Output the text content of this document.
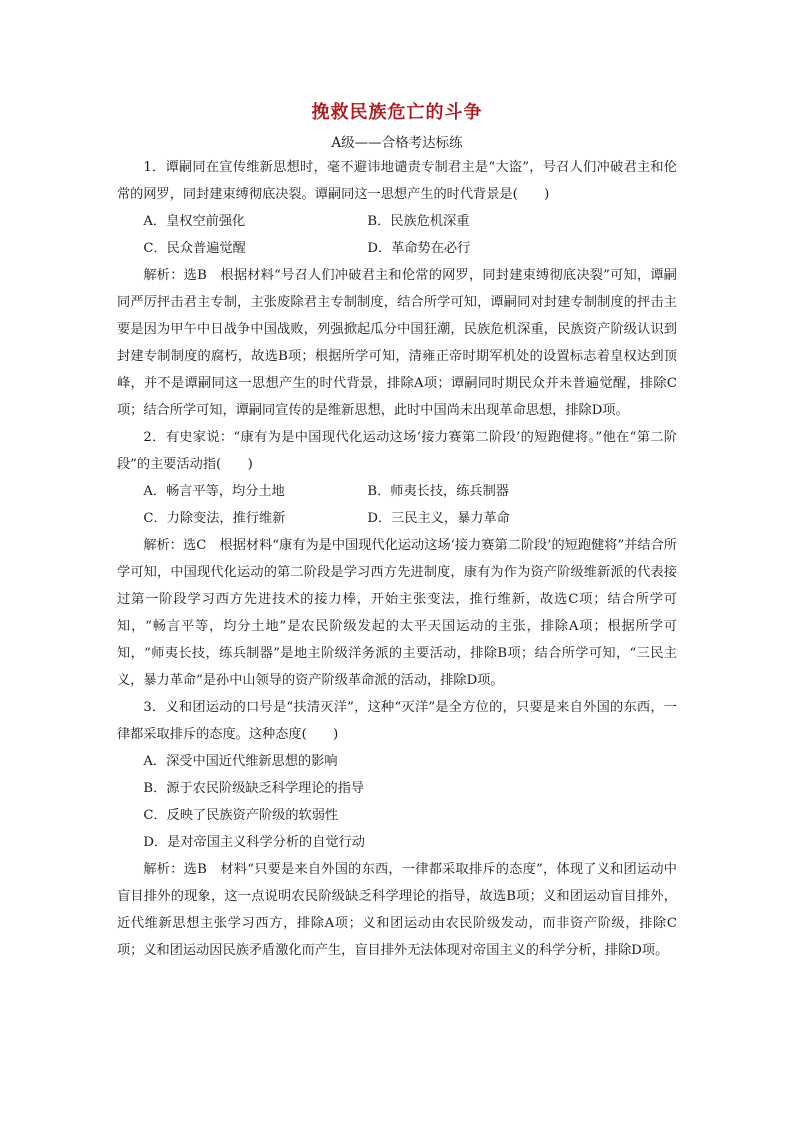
挽救民族危亡的斗争
A级——合格考达标练

1．谭嗣同在宣传维新思想时，毫不避讳地谴责专制君主是“大盗”，号召人们冲破君主和伦常的网罗，同封建束缚彻底决裂。谭嗣同这一思想产生的时代背景是(　　)

A．皇权空前强化	B．民族危机深重
C．民众普遍觉醒	D．革命势在必行

解析：选B　根据材料“号召人们冲破君主和伦常的网罗，同封建束缚彻底决裂”可知，谭嗣同严厉抨击君主专制，主张废除君主专制制度，结合所学可知，谭嗣同对封建专制制度的抨击主要是因为甲午中日战争中国战败，列强掀起瓜分中国狂潮，民族危机深重，民族资产阶级认识到封建专制制度的腐朽，故选B项；根据所学可知，清雍正帝时期军机处的设置标志着皇权达到顶峰，并不是谭嗣同这一思想产生的时代背景，排除A项；谭嗣同时期民众并未普遍觉醒，排除C项；结合所学可知，谭嗣同宣传的是维新思想，此时中国尚未出现革命思想，排除D项。

2．有史家说：“康有为是中国现代化运动这场‘接力赛第二阶段’的短跑健将。”他在“第二阶段”的主要活动指(　　)

A．畅言平等，均分土地	B．师夷长技，练兵制器
C．力除变法，推行维新	D．三民主义，暴力革命

解析：选C　根据材料“康有为是中国现代化运动这场‘接力赛第二阶段’的短跑健将”并结合所学可知，中国现代化运动的第二阶段是学习西方先进制度，康有为作为资产阶级维新派的代表接过第一阶段学习西方先进技术的接力棒，开始主张变法，推行维新，故选C项；结合所学可知，“畅言平等，均分土地”是农民阶级发起的太平天国运动的主张，排除A项；根据所学可知，“师夷长技，练兵制器”是地主阶级洋务派的主要活动，排除B项；结合所学可知，“三民主义，暴力革命”是孙中山领导的资产阶级革命派的活动，排除D项。

3．义和团运动的口号是“扶清灭洋”，这种“灭洋”是全方位的，只要是来自外国的东西，一律都采取排斥的态度。这种态度(　　)

A．深受中国近代维新思想的影响
B．源于农民阶级缺乏科学理论的指导
C．反映了民族资产阶级的软弱性
D．是对帝国主义科学分析的自觉行动

解析：选B　材料“只要是来自外国的东西，一律都采取排斥的态度”，体现了义和团运动中盲目排外的现象，这一点说明农民阶级缺乏科学理论的指导，故选B项；义和团运动盲目排外，近代维新思想主张学习西方，排除A项；义和团运动由农民阶级发动，而非资产阶级，排除C项；义和团运动因民族矛盾激化而产生，盲目排外无法体现对帝国主义的科学分析，排除D项。
